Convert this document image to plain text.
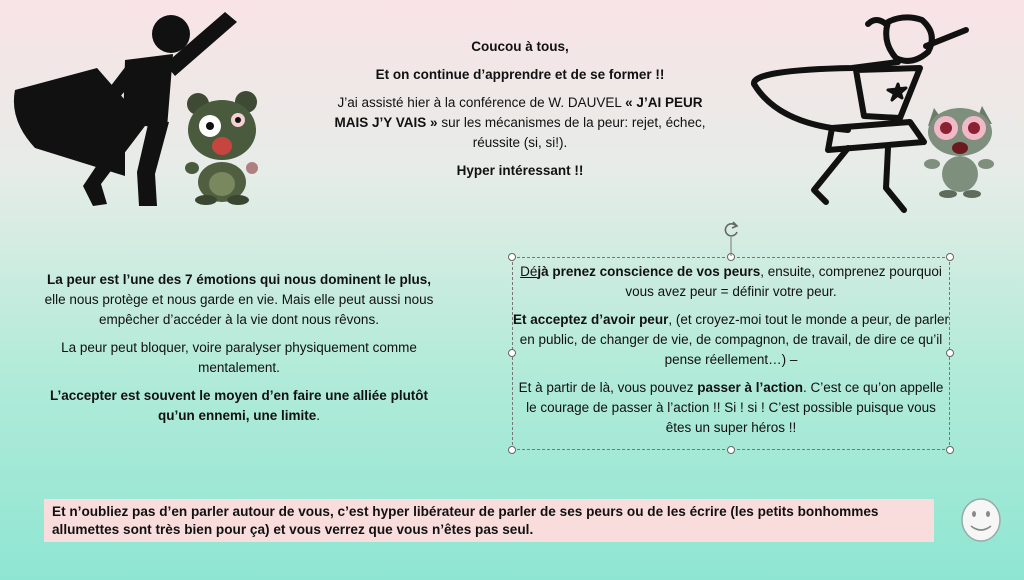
Coucou à tous,

Et on continue d’apprendre et de se former !!

J’ai assisté hier à la conférence de W. DAUVEL « J’AI PEUR MAIS J’Y VAIS » sur les mécanismes de la peur: rejet, échec, réussite (si, si!).

Hyper intéressant !!

La peur est l’une des 7 émotions qui nous dominent le plus, elle nous protège et nous garde en vie. Mais elle peut aussi nous empêcher d’accéder à la vie dont nous rêvons.

La peur peut bloquer, voire paralyser physiquement comme mentalement.

L’accepter est souvent le moyen d’en faire une alliée plutôt qu’un ennemi, une limite.

Déjà prenez conscience de vos peurs, ensuite, comprenez pourquoi vous avez peur = définir votre peur.

Et acceptez d’avoir peur, (et croyez-moi tout le monde a peur, de parler en public, de changer de vie, de compagnon, de travail, de dire ce qu’il pense réellement…) –

Et à partir de là, vous pouvez passer à l’action. C’est ce qu’on appelle le courage de passer à l’action !! Si ! si ! C’est possible puisque vous êtes un super héros !!

Et n’oubliez pas d’en parler autour de vous, c’est hyper libérateur de parler de ses peurs ou de les écrire (les petits bonhommes allumettes sont très bien pour ça) et vous verrez que vous n’êtes pas seul.
